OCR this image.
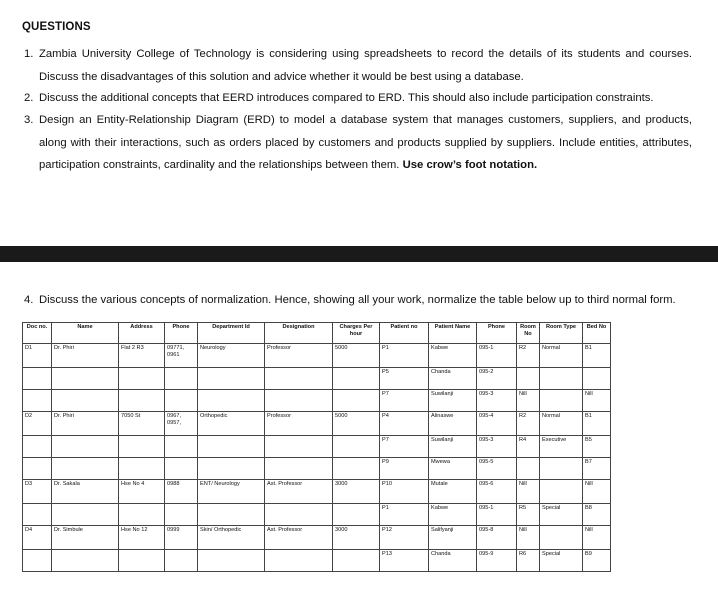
QUESTIONS
1. Zambia University College of Technology is considering using spreadsheets to record the details of its students and courses. Discuss the disadvantages of this solution and advice whether it would be best using a database.
2. Discuss the additional concepts that EERD introduces compared to ERD. This should also include participation constraints.
3. Design an Entity-Relationship Diagram (ERD) to model a database system that manages customers, suppliers, and products, along with their interactions, such as orders placed by customers and products supplied by suppliers. Include entities, attributes, participation constraints, cardinality and the relationships between them. Use crow’s foot notation.
4. Discuss the various concepts of normalization. Hence, showing all your work, normalize the table below up to third normal form.
Doc no.	Name	Address	Phone	Department Id	Designation	Charges Per hour	Patient no	Patient Name	Phone	Room No	Room Type	Bed No
D1	Dr. Phiri	Flat 2 R3	09771, 0961	Neurology	Professor	5000	P1	Kabwe	095-1	R2	Normal	B1
							P5	Chanda	095-2			
							P7	Suwilanji	095-3	Nill		Nill
D2	Dr. Phiri	7050 St	0967, 0957,	Orthopedic	Professor	5000	P4	Alinaswe	095-4	R2	Normal	B1
							P7	Suwilanji	095-3	R4	Executive	B5
							P9	Mwewa	095-5			B7
D3	Dr. Sakala	Hse No 4	0988	ENT/ Neurology	Ast. Professor	3000	P10	Mutale	095-6	Nill		Nill
							P1	Kabwe	095-1	R5	Special	B8
D4	Dr. Simbule	Hse No 12	0999	Skin/ Orthopedic	Ast. Professor	3000	P12	Salifyanji	095-8	Nill		Nill
							P13	Chanda	095-9	R6	Special	B9
